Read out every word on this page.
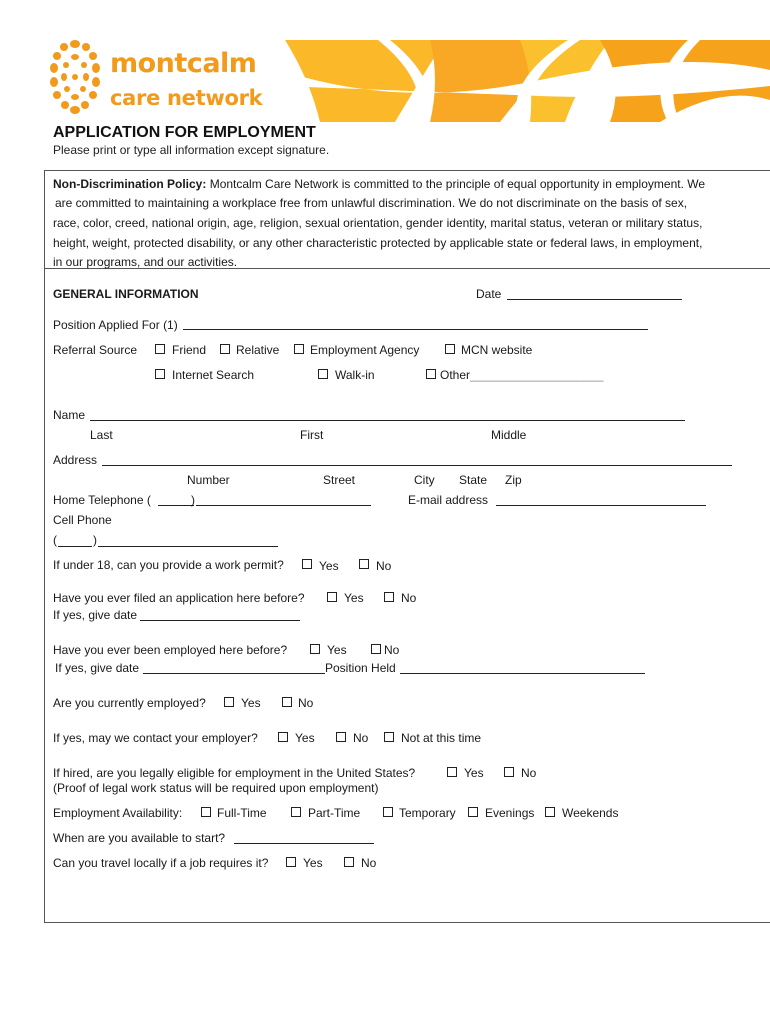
montcalm
care network
APPLICATION FOR EMPLOYMENT
Please print or type all information except signature.
Non-Discrimination Policy: Montcalm Care Network is committed to the principle of equal opportunity in employment. We
are committed to maintaining a workplace free from unlawful discrimination. We do not discriminate on the basis of sex,
race, color, creed, national origin, age, religion, sexual orientation, gender identity, marital status, veteran or military status,
height, weight, protected disability, or any other characteristic protected by applicable state or federal laws, in employment,
in our programs, and our activities.
GENERAL INFORMATION	Date
Position Applied For (1)
Referral Source	Friend Relative	Employment Agency	MCN website
Internet Search	Walk-in	Other____________________
Name
Last	First	Middle
Address
Number	Street	City State Zip
Home Telephone (	)	E-mail address
Cell Phone
(	)
If under 18, can you provide a work permit?	Yes	No
Have you ever filed an application here before?	Yes	No
If yes, give date
Have you ever been employed here before?	Yes	No
If yes, give date	Position Held
Are you currently employed?	Yes	No
If yes, may we contact your employer?	Yes	No	Not at this time
If hired, are you legally eligible for employment in the United States?	Yes	No
(Proof of legal work status will be required upon employment)
Employment Availability:	Full-Time	Part-Time	Temporary Evenings Weekends
When are you available to start?
Can you travel locally if a job requires it?	Yes	No
